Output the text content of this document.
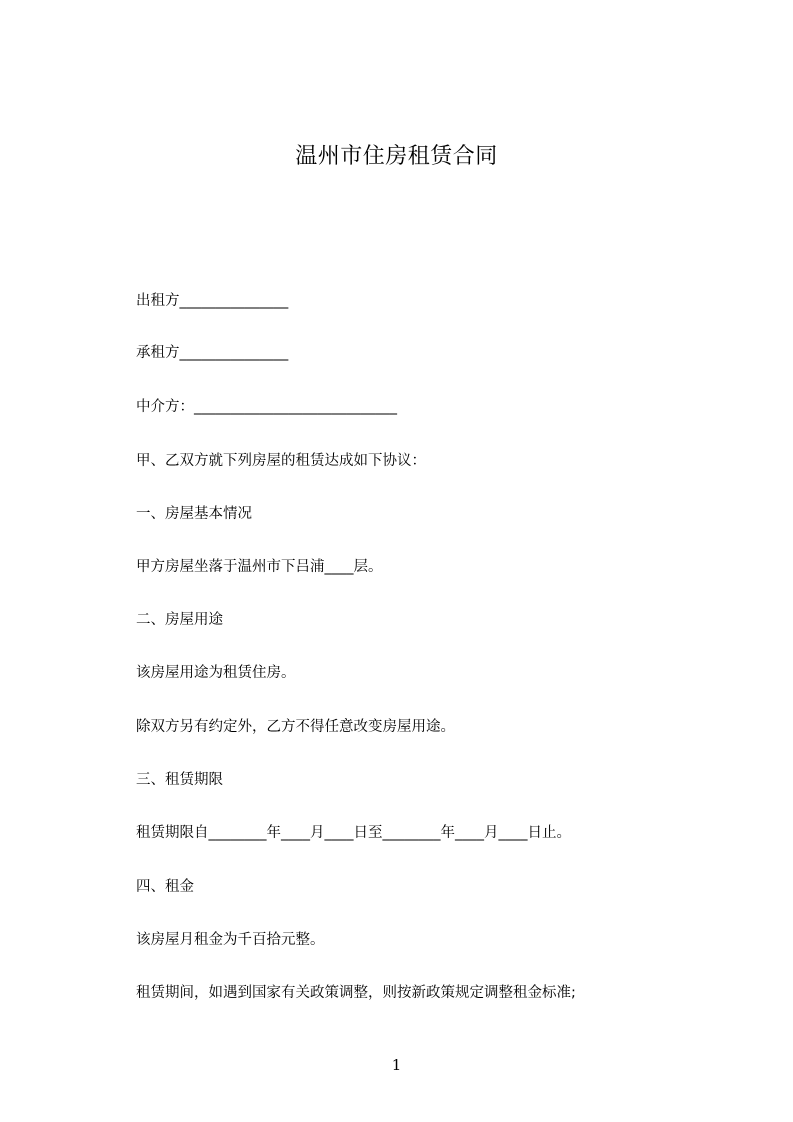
温州市住房租赁合同
出租方_______________
承租方_______________
中介方：____________________________
甲、乙双方就下列房屋的租赁达成如下协议：
一、房屋基本情况
甲方房屋坐落于温州市下吕浦____层。
二、房屋用途
该房屋用途为租赁住房。
除双方另有约定外，乙方不得任意改变房屋用途。
三、租赁期限
租赁期限自________年____月____日至________年____月____日止。
四、租金
该房屋月租金为千百拾元整。
租赁期间，如遇到国家有关政策调整，则按新政策规定调整租金标准;
1
